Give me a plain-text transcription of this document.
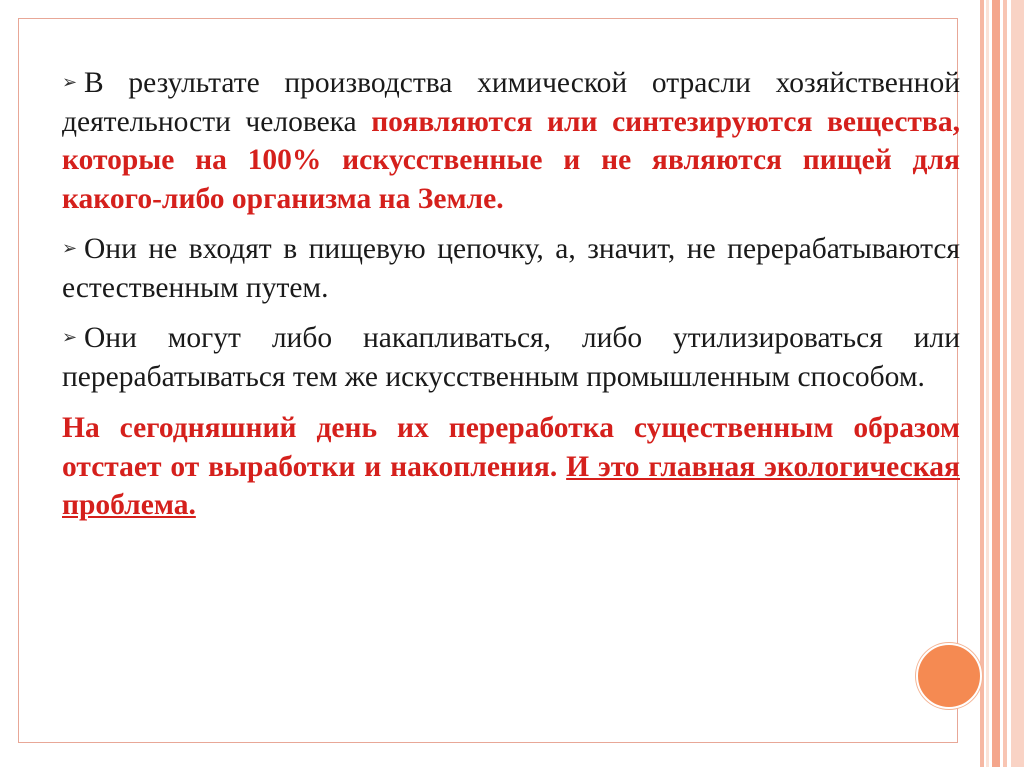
➢ В результате производства химической отрасли хозяйственной деятельности человека появляются или синтезируются вещества, которые на 100% искусственные и не являются пищей для какого-либо организма на Земле.

➢ Они не входят в пищевую цепочку, а, значит, не перерабатываются естественным путем.

➢ Они могут либо накапливаться, либо утилизироваться или перерабатываться тем же искусственным промышленным способом.

На сегодняшний день их переработка существенным образом отстает от выработки и накопления. И это главная экологическая проблема.
